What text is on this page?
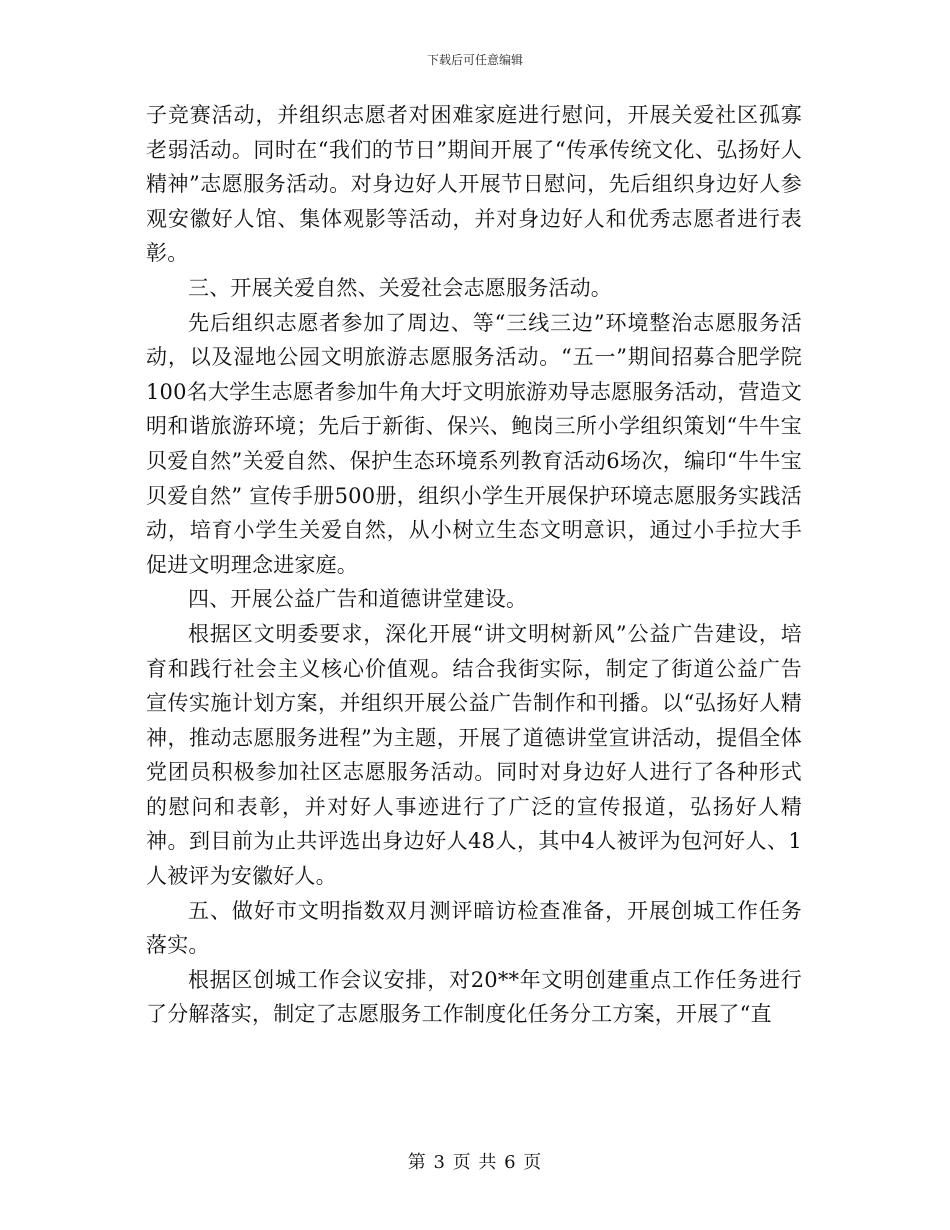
下载后可任意编辑

子竞赛活动，并组织志愿者对困难家庭进行慰问，开展关爱社区孤寡老弱活动。同时在“我们的节日”期间开展了“传承传统文化、弘扬好人精神”志愿服务活动。对身边好人开展节日慰问，先后组织身边好人参观安徽好人馆、集体观影等活动，并对身边好人和优秀志愿者进行表彰。

三、开展关爱自然、关爱社会志愿服务活动。

先后组织志愿者参加了周边、等“三线三边”环境整治志愿服务活动，以及湿地公园文明旅游志愿服务活动。“五一”期间招募合肥学院100名大学生志愿者参加牛角大圩文明旅游劝导志愿服务活动，营造文明和谐旅游环境；先后于新街、保兴、鲍岗三所小学组织策划“牛牛宝贝爱自然”关爱自然、保护生态环境系列教育活动6场次，编印“牛牛宝贝爱自然” 宣传手册500册，组织小学生开展保护环境志愿服务实践活动，培育小学生关爱自然，从小树立生态文明意识，通过小手拉大手促进文明理念进家庭。

四、开展公益广告和道德讲堂建设。

根据区文明委要求，深化开展“讲文明树新风”公益广告建设，培育和践行社会主义核心价值观。结合我街实际，制定了街道公益广告宣传实施计划方案，并组织开展公益广告制作和刊播。以“弘扬好人精神，推动志愿服务进程”为主题，开展了道德讲堂宣讲活动，提倡全体党团员积极参加社区志愿服务活动。同时对身边好人进行了各种形式的慰问和表彰，并对好人事迹进行了广泛的宣传报道，弘扬好人精神。到目前为止共评选出身边好人48人，其中4人被评为包河好人、1人被评为安徽好人。

五、做好市文明指数双月测评暗访检查准备，开展创城工作任务落实。

根据区创城工作会议安排，对20**年文明创建重点工作任务进行了分解落实，制定了志愿服务工作制度化任务分工方案，开展了“直

第 3 页 共 6 页
